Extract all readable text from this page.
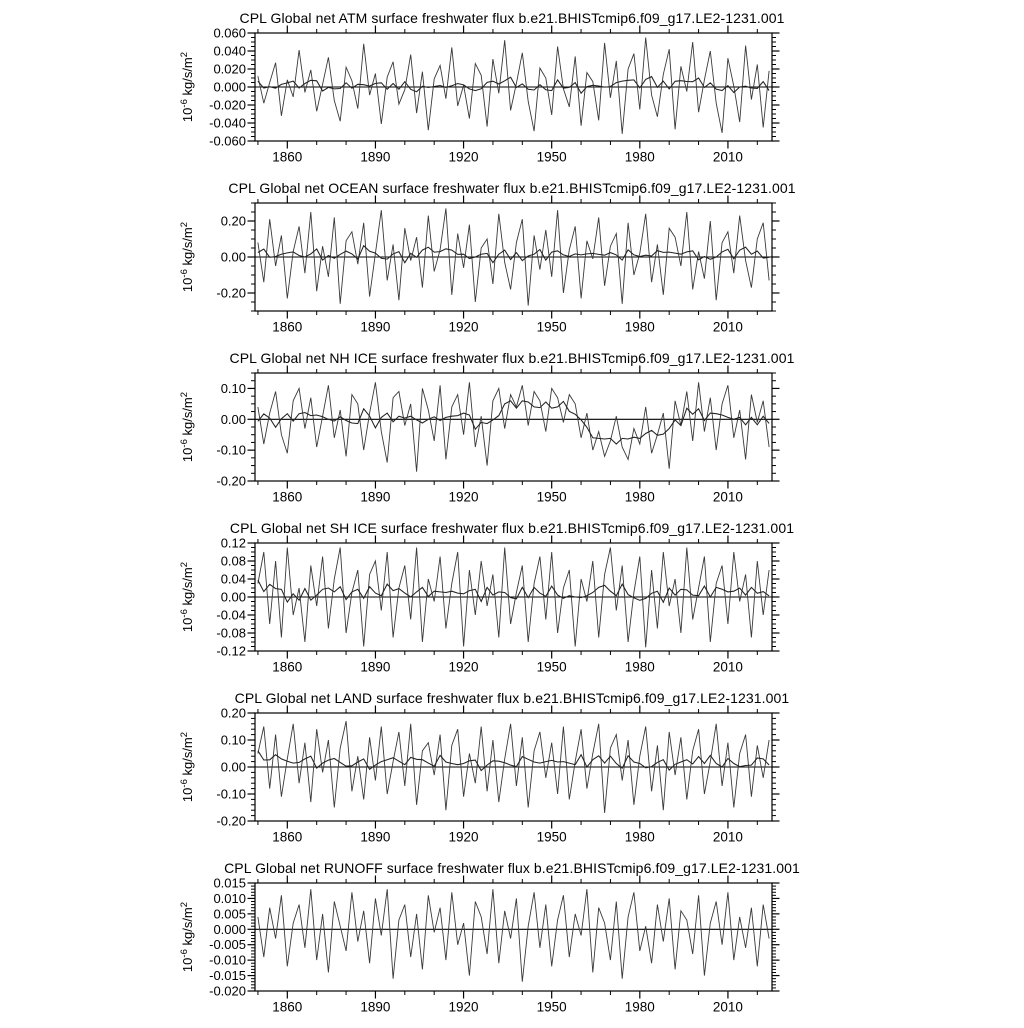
CPL Global net ATM surface freshwater flux b.e21.BHISTcmip6.f09_g17.LE2-1231.001
1860	1890	1920	1950	1980	2010
0.060
0.040
0.020
0.000
-0.020
-0.040
-0.060
$10^{-6}$ $kg/s/m^2$
CPL Global net OCEAN surface freshwater flux b.e21.BHISTcmip6.f09_g17.LE2-1231.001
1860	1890	1920	1950	1980	2010
0.20
0.00
-0.20
$10^{-6}$ $kg/s/m^2$
CPL Global net NH ICE surface freshwater flux b.e21.BHISTcmip6.f09_g17.LE2-1231.001
1860	1890	1920	1950	1980	2010
0.10
0.00
-0.10
-0.20
$10^{-6}$ $kg/s/m^2$
CPL Global net SH ICE surface freshwater flux b.e21.BHISTcmip6.f09_g17.LE2-1231.001
1860	1890	1920	1950	1980	2010
0.12
0.08
0.04
0.00
-0.04
-0.08
-0.12
$10^{-6}$ $kg/s/m^2$
CPL Global net LAND surface freshwater flux b.e21.BHISTcmip6.f09_g17.LE2-1231.001
1860	1890	1920	1950	1980	2010
0.20
0.10
0.00
-0.10
-0.20
$10^{-6}$ $kg/s/m^2$
CPL Global net RUNOFF surface freshwater flux b.e21.BHISTcmip6.f09_g17.LE2-1231.001
1860	1890	1920	1950	1980	2010
0.015
0.010
0.005
0.000
-0.005
-0.010
-0.015
-0.020
$10^{-6}$ $kg/s/m^2$
